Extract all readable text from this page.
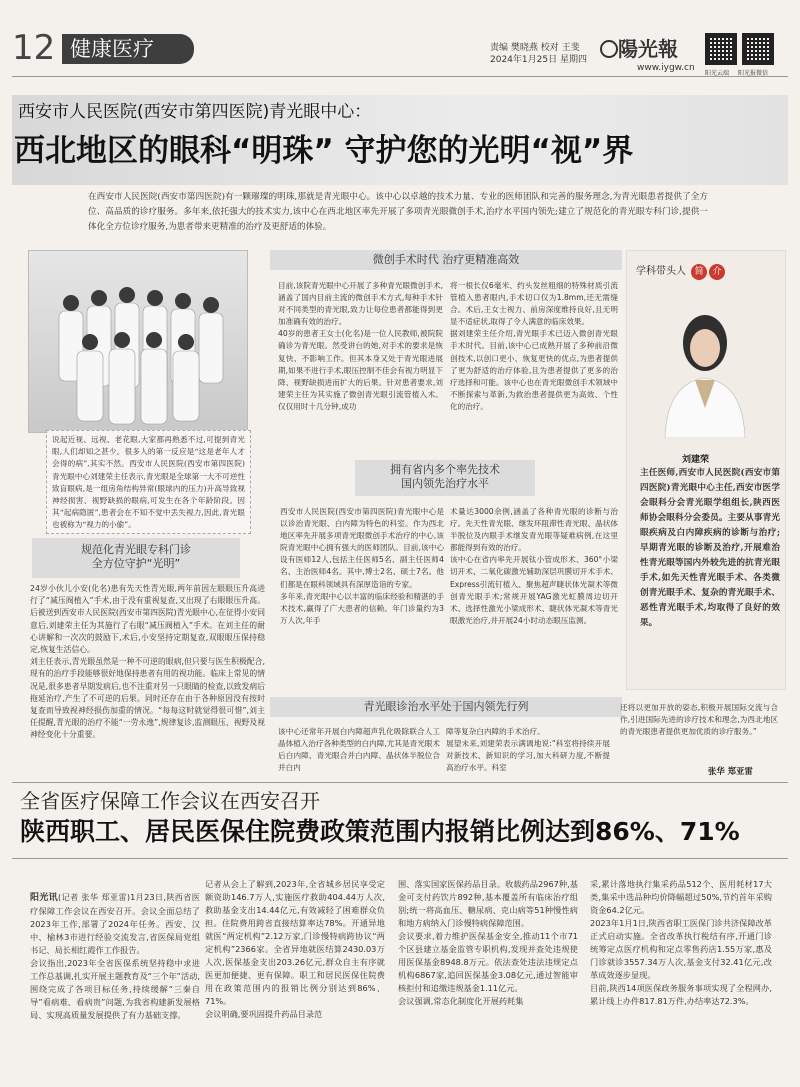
12 健康医疗	责编 樊晓燕 校对 王斐
2024年1月25日 星期四	陽光報
www.iygw.cn
阳光云端 阳光报微信
西安市人民医院(西安市第四医院)青光眼中心：
西北地区的眼科“明珠” 守护您的光明“视”界
在西安市人民医院(西安市第四医院)有一颗璀璨的明珠,那就是青光眼中心。该中心以卓越的技术力量、专业的医师团队和完善的服务理念,为青光眼患者提供了全方位、高品质的诊疗服务。多年来,依托强大的技术实力,该中心在西北地区率先开展了多项青光眼微创手术,治疗水平国内领先;建立了规范化的青光眼专科门诊,提供一体化全方位诊疗服务,为患者带来更精准的治疗及更舒适的体验。
说起近视、远视、老花眼,大家都再熟悉不过,可提到青光眼,人们却知之甚少。很多人的第一反应是“这是老年人才会得的病”,其实不然。西安市人民医院(西安市第四医院)青光眼中心刘建荣主任表示,青光眼是全球第一大不可逆性致盲眼病,是一组房角结构异常(眼球内的压力)升高导致视神经损害、视野缺损的眼病,可发生在各个年龄阶段。因其“起病隐匿”,患者会在不知不觉中丢失视力,因此,青光眼也被称为“视力的小偷”。
规范化青光眼专科门诊
全方位守护“光明”
24岁小伙儿小安(化名)患有先天性青光眼,两年前因左眼眼压升高进行了“减压阀植入”手术,由于没有重视复查,又出现了右眼眼压升高。后被送到西安市人民医院(西安市第四医院)青光眼中心,在征得小安同意后,刘建荣主任为其施行了右眼“减压阀植入”手术。在刘主任的耐心讲解和一次次的鼓励下,术后,小安坚持定期复查,双眼眼压保持稳定,恢复生活信心。
刘主任表示,青光眼虽然是一种不可逆的眼病,但只要与医生积极配合,现有的治疗手段能够很好地保持患者有用的视功能。临床上常见的情况是,很多患者早期发病后,也不注重对另一只眼睛的检查,以致发病后拖延治疗,产生了不可逆的后果。同时还存在由于各种原因没有按时复查而导致视神经损伤加重的情况。“每每这时就觉得很可惜”,刘主任提醒,青光眼的治疗不能“一劳永逸”,规律复诊,监测眼压、视野及视神经变化十分重要。
微创手术时代 治疗更精准高效
目前,该院青光眼中心开展了多种青光眼微创手术,涵盖了国内目前主流的微创手术方式,每种手术针对不同类型的青光眼,致力让每位患者都能得到更加准确有效的治疗。
40岁的患者王女士(化名)是一位人民教师,被院院确诊为青光眼。然受讲台的她,对手术的要求是恢复快、不影响工作。但其本身又处于青光眼进展期,如果不进行手术,眼压控制不佳会有视力明显下降、视野缺损进而扩大的后果。针对患者要求,刘建荣主任为其实施了微创青光眼引流管植入术。仅仅用时十几分钟,成功
将一根长仅6毫米、约头发丝粗细的特殊材质引流管植入患者眼内,手术切口仅为1.8mm,还无需缝合。术后,王女士视力、前房深度维持良好,且无明显不适症状,取得了令人满意的临床效果。
据刘建荣主任介绍,青光眼手术已迈入微创青光眼手术时代。目前,该中心已成熟开展了多种前沿微创技术,以创口更小、恢复更快的优点,为患者提供了更为舒适的治疗体验,且为患者提供了更多的治疗选择和可能。该中心也在青光眼微创手术领域中不断探索与革新,为救治患者提供更为高效、个性化的治疗。
拥有省内多个率先技术
国内领先治疗水平
西安市人民医院(西安市第四医院)青光眼中心是以诊治青光眼、白内障为特色的科室。作为西北地区率先开展多项青光眼微创手术治疗的中心,该院青光眼中心拥有强大的医师团队。目前,该中心设有医师12人,包括主任医师5名、副主任医师4名、主治医师4名。其中,博士2名、硕士7名。他们都是在眼科领域具有深厚造诣的专家。
多年来,青光眼中心以丰富的临床经验和精湛的手术技术,赢得了广大患者的信赖。年门诊量约为3万人次,年手
术量达3000余例,涵盖了各种青光眼的诊断与治疗。先天性青光眼、继发环阻滞性青光眼、晶状体半脱位及内眼手术继发青光眼等疑难病例,在这里都能得到有效的治疗。
该中心在省内率先开展钛小管成形术、360°小梁切开术、二氧化碳激光辅助深层巩膜切开术手术、Express引流钉植入、聚焦超声睫状体光凝术等微创青光眼手术;常规开展YAG激光虹膜周边切开术、选择性激光小梁成形术、睫状体光凝术等青光眼激光治疗,并开展24小时动态眼压监测。
青光眼诊治水平处于国内领先行列
该中心还常年开展白内障超声乳化吸除联合人工晶体植入治疗各种类型的白内障,尤其是青光眼术后白内障、青光眼合并白内障、晶状体半脱位合并白内
障等复杂白内障的手术治疗。
展望未来,刘建荣表示满调地说:“科室将持续开展对新技术、新知识的学习,加大科研力度,不断提高治疗水平。科室
还将以更加开放的姿态,积极开展国际交流与合作,引进国际先进的诊疗技术和理念,为西北地区的青光眼患者提供更加优质的诊疗服务。”
张华 郑亚雷
学科带头人 简 介
刘建荣
主任医师,西安市人民医院(西安市第四医院)青光眼中心主任,西安市医学会眼科分会青光眼学组组长,陕西医师协会眼科分会委员。主要从事青光眼疾病及白内障疾病的诊断与治疗;早期青光眼的诊断及治疗,开展难治性青光眼等国内外较先进的抗青光眼手术,如先天性青光眼手术、各类微创青光眼手术、复杂的青光眼手术、恶性青光眼手术,均取得了良好的效果。
全省医疗保障工作会议在西安召开
陕西职工、居民医保住院费政策范围内报销比例达到86%、71%

阳光讯(记者 张华 郑亚雷)1月23日,陕西省医疗保障工作会议在西安召开。会议全面总结了2023年工作,部署了2024年任务。西安、汉中、榆林3市进行经验交流发言,省医保局党组书记、局长相红霞作工作报告。
会议指出,2023年全省医保系统坚持稳中求进工作总基调,扎实开展主题教育及“三个年”活动,围绕完成了各项目标任务,持续缓解“三秦自导”看病难、看病贵”问题,为我省构建新发展格局、实现高质量发展提供了有力基础支撑。

记者从会上了解到,2023年,全省城乡居民享受定额资助146.7万人,实施医疗救助404.44万人次,救助基金支出14.44亿元,有效减轻了困难群众负担。住院费用跨省直接结算率达78%。开通异地就医“两定机构”2.12万家,门诊慢特病跨协议“两定机构”2366家。全省异地就医结算2430.03万人次,医保基金支出203.26亿元,群众自主有序就医更加便捷、更有保障。职工和居民医保住院费用在政策范围内的报销比例分别达到86%、71%。
会议明确,要巩固提升药品目录范
围、落实国家医保药品目录。收载药品2967种,基金可支付药饮片892种,基本覆盖所有临床治疗组别;统一将高血压、糖尿病、克山病等51种慢性病和地方病纳入门诊慢特病保障范围。
会议要求,着力维护医保基金安全,推动11个市71个区县建立基金监管专职机构,发现并查处违规使用医保基金8948.8万元。依法查处违法违规定点机构6867家,追回医保基金3.08亿元,通过智能审核拒付和追缴违规基金1.11亿元。
会议强调,常态化制度化开展药耗集
采,累计落地执行集采药品512个、医用耗材17大类,集采中选品种均价降幅超过50%,节约首年采购资金64.2亿元。
2023年1月1日,陕西省职工医保门诊共济保障改革正式启动实施。全省改革执行税结有序,开通门诊统筹定点医疗机构和定点零售药店1.55万家,惠及门诊就诊3557.34万人次,基金支付32.41亿元,改革成效逐步显现。
目前,陕西14项医保政务服务事项实现了全程网办,累计线上办件817.81万件,办结率达72.3%。
